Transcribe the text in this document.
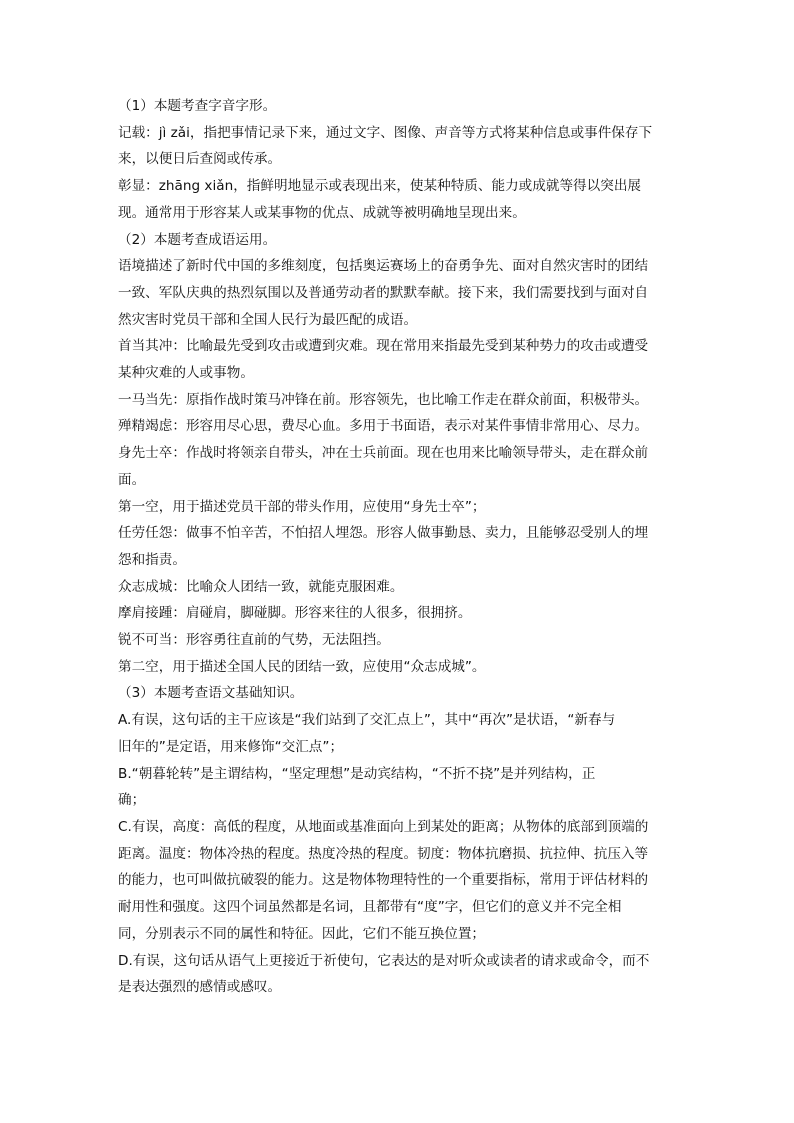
（1）本题考查字音字形。

记载：jì zǎi，指把事情记录下来，通过文字、图像、声音等方式将某种信息或事件保存下

来，以便日后查阅或传承。

彰显：zhāng xiǎn，指鲜明地显示或表现出来，使某种特质、能力或成就等得以突出展

现。通常用于形容某人或某事物的优点、成就等被明确地呈现出来。

（2）本题考查成语运用。

语境描述了新时代中国的多维刻度，包括奥运赛场上的奋勇争先、面对自然灾害时的团结

一致、军队庆典的热烈氛围以及普通劳动者的默默奉献。接下来，我们需要找到与面对自

然灾害时党员干部和全国人民行为最匹配的成语。

首当其冲：比喻最先受到攻击或遭到灾难。现在常用来指最先受到某种势力的攻击或遭受

某种灾难的人或事物。

一马当先：原指作战时策马冲锋在前。形容领先，也比喻工作走在群众前面，积极带头。

殚精竭虑：形容用尽心思，费尽心血。多用于书面语，表示对某件事情非常用心、尽力。

身先士卒：作战时将领亲自带头，冲在士兵前面。现在也用来比喻领导带头，走在群众前

面。

第一空，用于描述党员干部的带头作用，应使用“身先士卒”；

任劳任怨：做事不怕辛苦，不怕招人埋怨。形容人做事勤恳、卖力，且能够忍受别人的埋

怨和指责。

众志成城：比喻众人团结一致，就能克服困难。

摩肩接踵：肩碰肩，脚碰脚。形容来往的人很多，很拥挤。

锐不可当：形容勇往直前的气势，无法阻挡。

第二空，用于描述全国人民的团结一致，应使用“众志成城”。

（3）本题考查语文基础知识。

A.有误，这句话的主干应该是“我们站到了交汇点上”，其中“再次”是状语，“新春与

旧年的”是定语，用来修饰“交汇点”；

B.“朝暮轮转”是主谓结构，“坚定理想”是动宾结构，“不折不挠”是并列结构，正

确；

C.有误，高度：高低的程度，从地面或基准面向上到某处的距离；从物体的底部到顶端的

距离。温度：物体冷热的程度。热度冷热的程度。韧度：物体抗磨损、抗拉伸、抗压入等

的能力，也可叫做抗破裂的能力。这是物体物理特性的一个重要指标，常用于评估材料的

耐用性和强度。这四个词虽然都是名词，且都带有“度”字，但它们的意义并不完全相

同，分别表示不同的属性和特征。因此，它们不能互换位置；

D.有误，这句话从语气上更接近于祈使句，它表达的是对听众或读者的请求或命令，而不

是表达强烈的感情或感叹。
